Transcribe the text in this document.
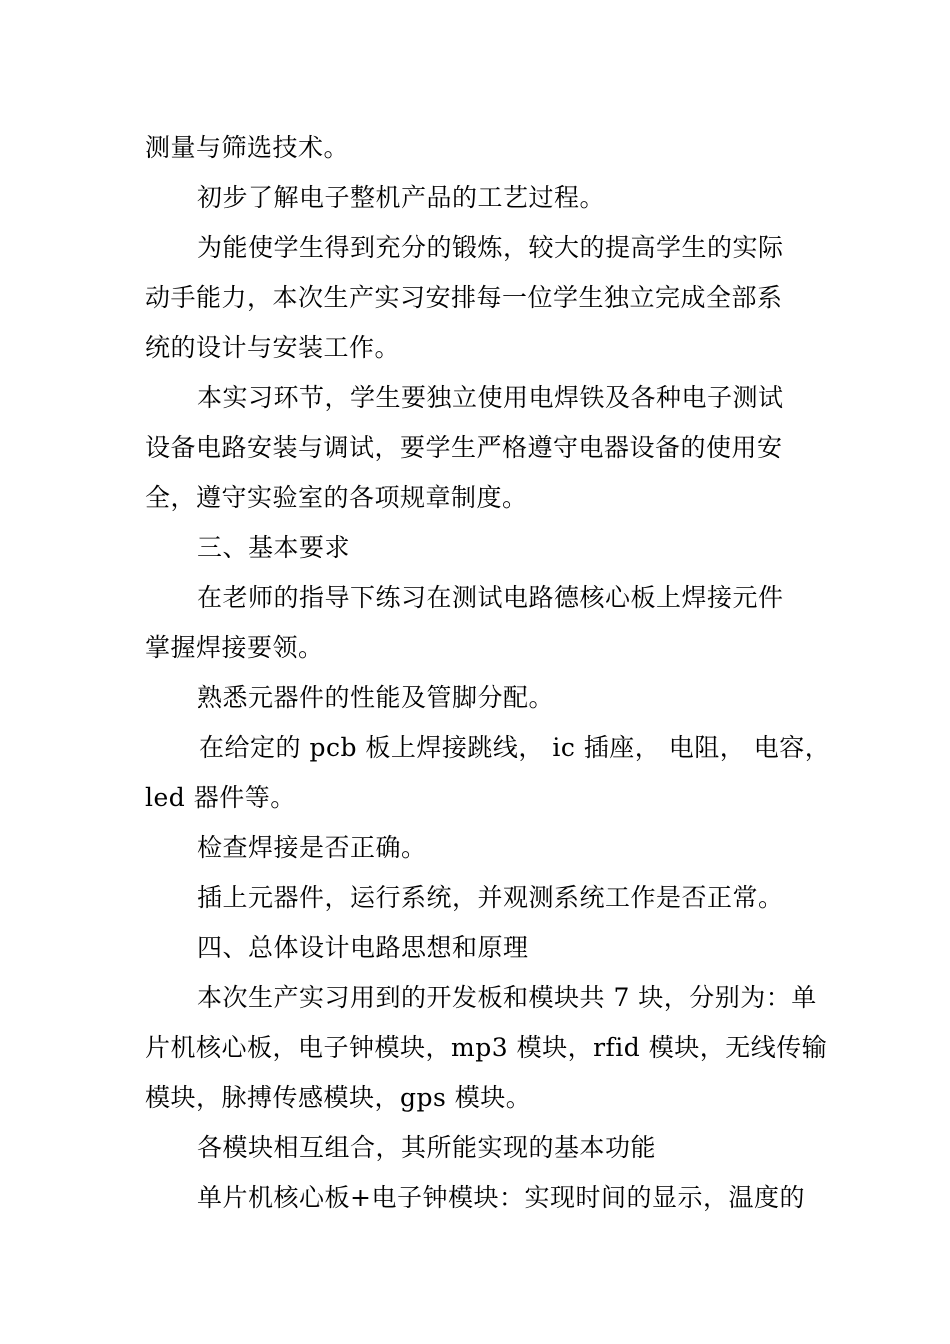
测量与筛选技术。
初步了解电子整机产品的工艺过程。
为能使学生得到充分的锻炼，较大的提高学生的实际
动手能力，本次生产实习安排每一位学生独立完成全部系
统的设计与安装工作。
本实习环节，学生要独立使用电焊铁及各种电子测试
设备电路安装与调试，要学生严格遵守电器设备的使用安
全，遵守实验室的各项规章制度。
三、基本要求
在老师的指导下练习在测试电路德核心板上焊接元件
掌握焊接要领。
熟悉元器件的性能及管脚分配。
在给定的 pcb 板上焊接跳线， ic 插座， 电阻， 电容，
led 器件等。
检查焊接是否正确。
插上元器件，运行系统，并观测系统工作是否正常。
四、总体设计电路思想和原理
本次生产实习用到的开发板和模块共 7 块，分别为：单
片机核心板，电子钟模块，mp3 模块，rfid 模块，无线传输
模块，脉搏传感模块，gps 模块。
各模块相互组合，其所能实现的基本功能
单片机核心板+电子钟模块：实现时间的显示，温度的
